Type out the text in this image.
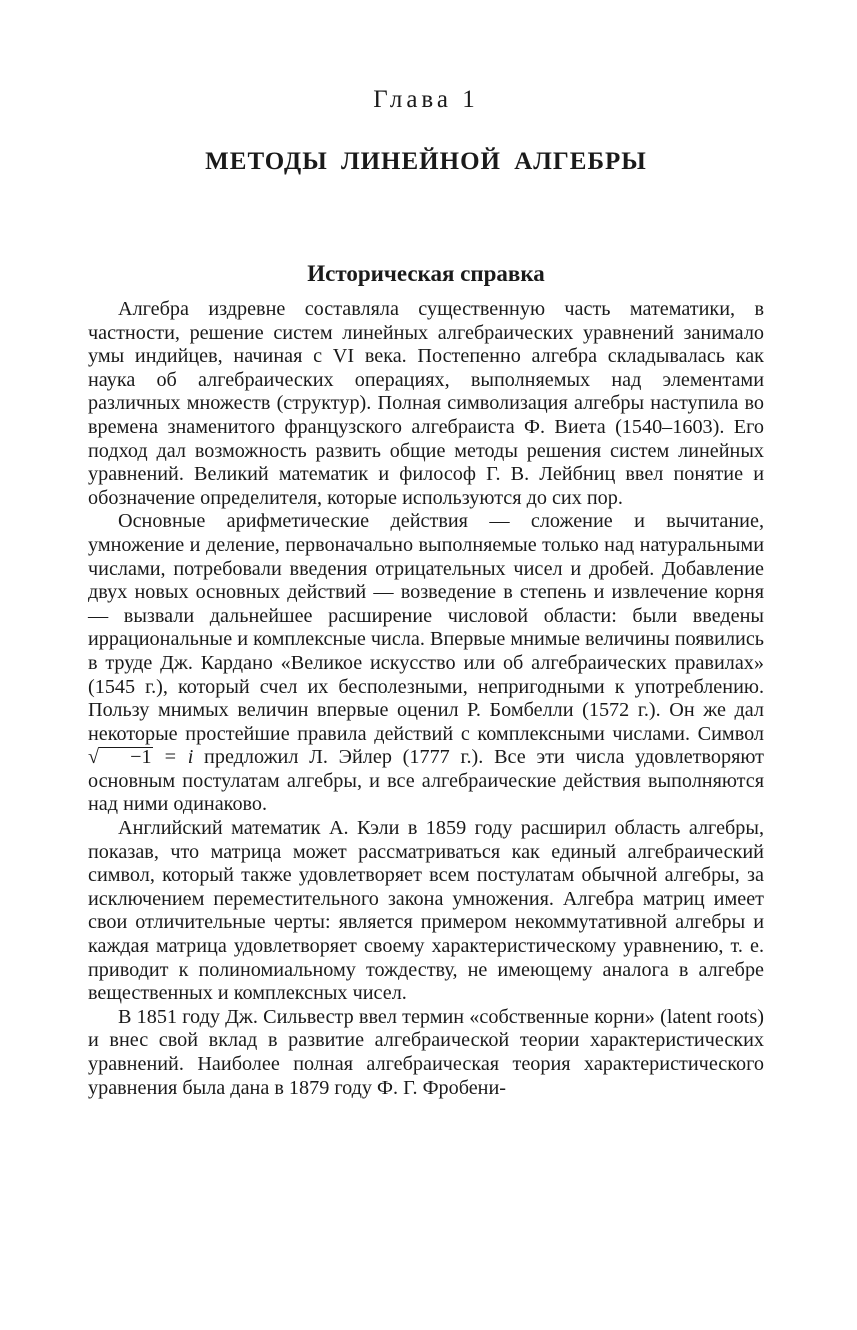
Глава 1
МЕТОДЫ ЛИНЕЙНОЙ АЛГЕБРЫ
Историческая справка

Алгебра издревне составляла существенную часть математики, в частности, решение систем линейных алгебраических уравнений занимало умы индийцев, начиная с VI века. Постепенно алгебра складывалась как наука об алгебраических операциях, выполняемых над элементами различных множеств (структур). Полная символизация алгебры наступила во времена знаменитого французского алгебраиста Ф. Виета (1540–1603). Его подход дал возможность развить общие методы решения систем линейных уравнений. Великий математик и философ Г. В. Лейбниц ввел понятие и обозначение определителя, которые используются до сих пор.

Основные арифметические действия — сложение и вычитание, умножение и деление, первоначально выполняемые только над натуральными числами, потребовали введения отрицательных чисел и дробей. Добавление двух новых основных действий — возведение в степень и извлечение корня — вызвали дальнейшее расширение числовой области: были введены иррациональные и комплексные числа. Впервые мнимые величины появились в труде Дж. Кардано «Великое искусство или об алгебраических правилах» (1545 г.), который счел их бесполезными, непригодными к употреблению. Пользу мнимых величин впервые оценил Р. Бомбелли (1572 г.). Он же дал некоторые простейшие правила действий с комплексными числами. Символ √ −1 = i предложил Л. Эйлер (1777 г.). Все эти числа удовлетворяют основным постулатам алгебры, и все алгебраические действия выполняются над ними одинаково.

Английский математик А. Кэли в 1859 году расширил область алгебры, показав, что матрица может рассматриваться как единый алгебраический символ, который также удовлетворяет всем постулатам обычной алгебры, за исключением переместительного закона умножения. Алгебра матриц имеет свои отличительные черты: является примером некоммутативной алгебры и каждая матрица удовлетворяет своему характеристическому уравнению, т. е. приводит к полиномиальному тождеству, не имеющему аналога в алгебре вещественных и комплексных чисел.

В 1851 году Дж. Сильвестр ввел термин «собственные корни» (latent roots) и внес свой вклад в развитие алгебраической теории характеристических уравнений. Наиболее полная алгебраическая теория характеристического уравнения была дана в 1879 году Ф. Г. Фробени-
